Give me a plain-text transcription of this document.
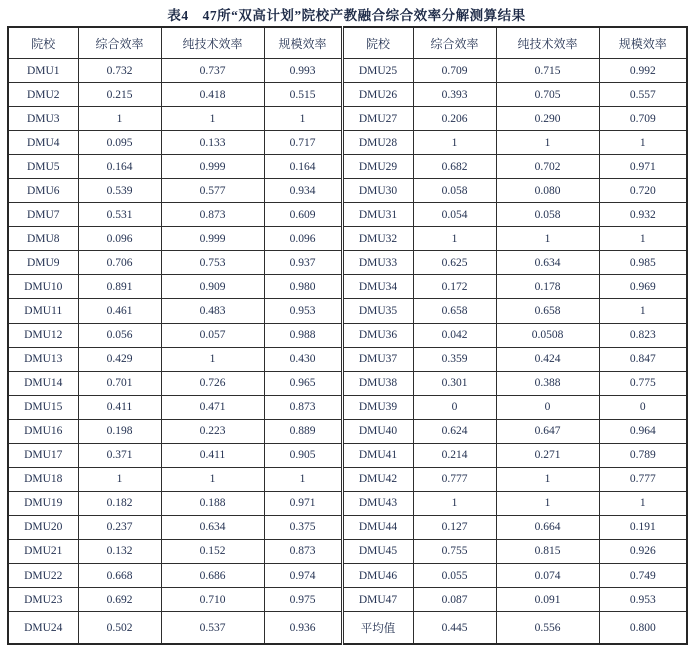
表4　47所“双高计划”院校产教融合综合效率分解测算结果
院校	综合效率	纯技术效率	规模效率	院校	综合效率	纯技术效率	规模效率
DMU1	0.732	0.737	0.993	DMU25	0.709	0.715	0.992
DMU2	0.215	0.418	0.515	DMU26	0.393	0.705	0.557
DMU3	1	1	1	DMU27	0.206	0.290	0.709
DMU4	0.095	0.133	0.717	DMU28	1	1	1
DMU5	0.164	0.999	0.164	DMU29	0.682	0.702	0.971
DMU6	0.539	0.577	0.934	DMU30	0.058	0.080	0.720
DMU7	0.531	0.873	0.609	DMU31	0.054	0.058	0.932
DMU8	0.096	0.999	0.096	DMU32	1	1	1
DMU9	0.706	0.753	0.937	DMU33	0.625	0.634	0.985
DMU10	0.891	0.909	0.980	DMU34	0.172	0.178	0.969
DMU11	0.461	0.483	0.953	DMU35	0.658	0.658	1
DMU12	0.056	0.057	0.988	DMU36	0.042	0.0508	0.823
DMU13	0.429	1	0.430	DMU37	0.359	0.424	0.847
DMU14	0.701	0.726	0.965	DMU38	0.301	0.388	0.775
DMU15	0.411	0.471	0.873	DMU39	0	0	0
DMU16	0.198	0.223	0.889	DMU40	0.624	0.647	0.964
DMU17	0.371	0.411	0.905	DMU41	0.214	0.271	0.789
DMU18	1	1	1	DMU42	0.777	1	0.777
DMU19	0.182	0.188	0.971	DMU43	1	1	1
DMU20	0.237	0.634	0.375	DMU44	0.127	0.664	0.191
DMU21	0.132	0.152	0.873	DMU45	0.755	0.815	0.926
DMU22	0.668	0.686	0.974	DMU46	0.055	0.074	0.749
DMU23	0.692	0.710	0.975	DMU47	0.087	0.091	0.953
DMU24	0.502	0.537	0.936	平均值	0.445	0.556	0.800
